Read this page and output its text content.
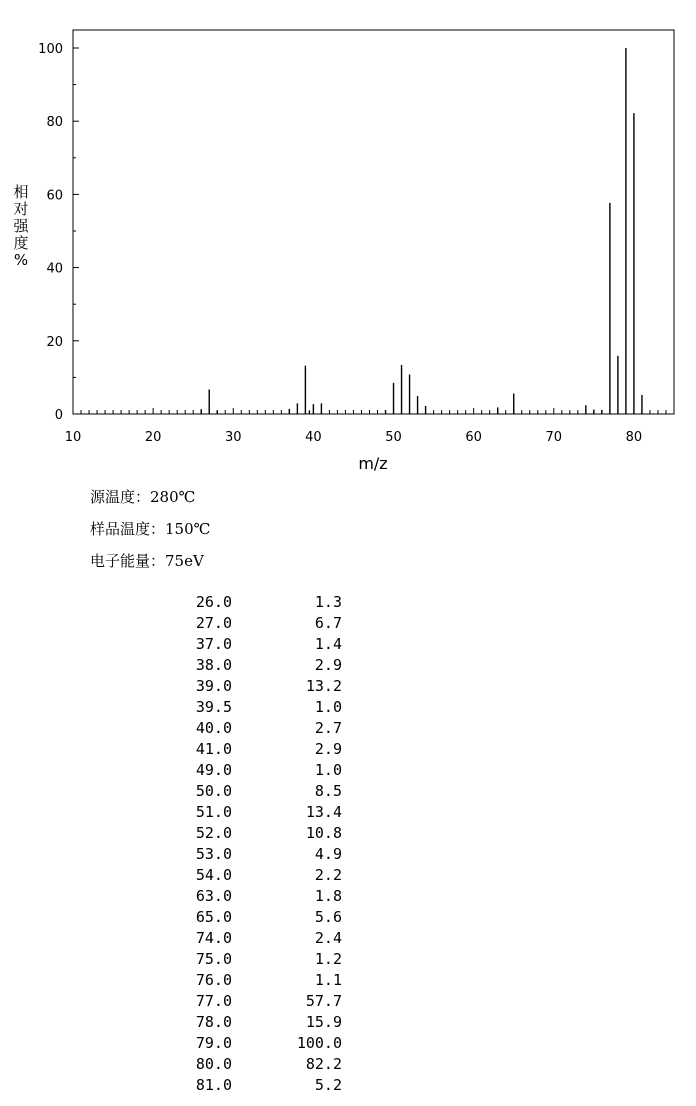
0
20
40
60
80
100
10	20	30	40	50	60	70	80
m/z
相
对
强
度
%
源温度：280℃
样品温度：150℃
电子能量：75eV
26.0	1.3
27.0	6.7
37.0	1.4
38.0	2.9
39.0	13.2
39.5	1.0
40.0	2.7
41.0	2.9
49.0	1.0
50.0	8.5
51.0	13.4
52.0	10.8
53.0	4.9
54.0	2.2
63.0	1.8
65.0	5.6
74.0	2.4
75.0	1.2
76.0	1.1
77.0	57.7
78.0	15.9
79.0	100.0
80.0	82.2
81.0	5.2
